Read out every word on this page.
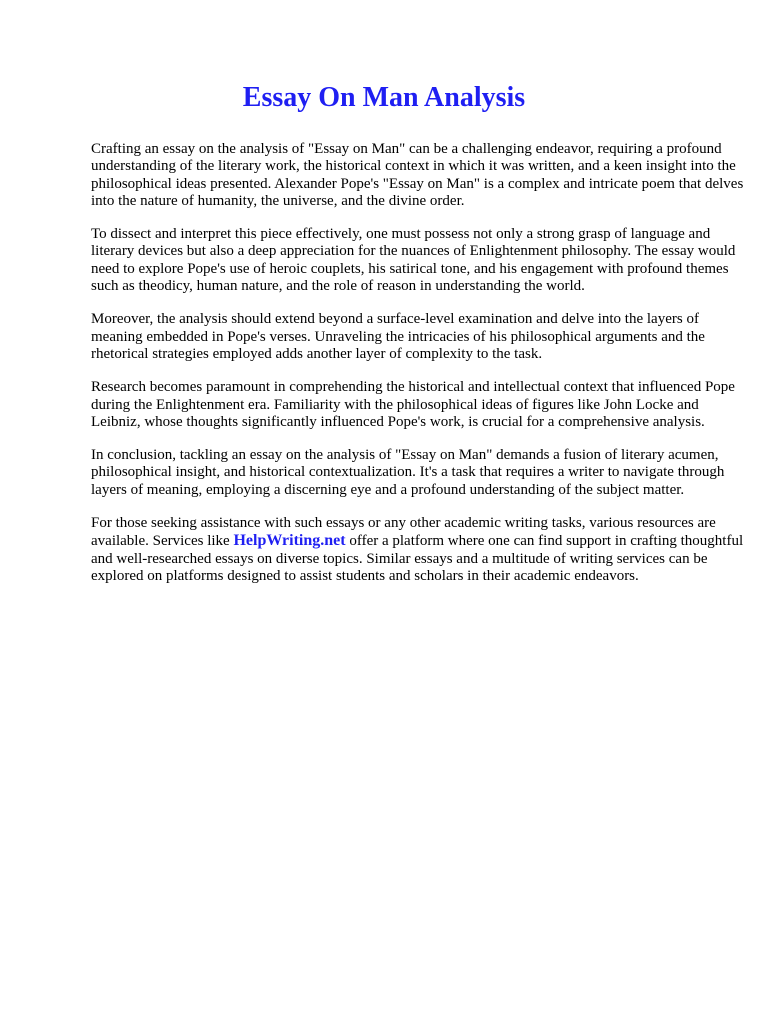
Essay On Man Analysis

Crafting an essay on the analysis of "Essay on Man" can be a challenging endeavor, requiring a profound understanding of the literary work, the historical context in which it was written, and a keen insight into the philosophical ideas presented. Alexander Pope's "Essay on Man" is a complex and intricate poem that delves into the nature of humanity, the universe, and the divine order.

To dissect and interpret this piece effectively, one must possess not only a strong grasp of language and literary devices but also a deep appreciation for the nuances of Enlightenment philosophy. The essay would need to explore Pope's use of heroic couplets, his satirical tone, and his engagement with profound themes such as theodicy, human nature, and the role of reason in understanding the world.

Moreover, the analysis should extend beyond a surface-level examination and delve into the layers of meaning embedded in Pope's verses. Unraveling the intricacies of his philosophical arguments and the rhetorical strategies employed adds another layer of complexity to the task.

Research becomes paramount in comprehending the historical and intellectual context that influenced Pope during the Enlightenment era. Familiarity with the philosophical ideas of figures like John Locke and Leibniz, whose thoughts significantly influenced Pope's work, is crucial for a comprehensive analysis.

In conclusion, tackling an essay on the analysis of "Essay on Man" demands a fusion of literary acumen, philosophical insight, and historical contextualization. It's a task that requires a writer to navigate through layers of meaning, employing a discerning eye and a profound understanding of the subject matter.

For those seeking assistance with such essays or any other academic writing tasks, various resources are available. Services like HelpWriting.net offer a platform where one can find support in crafting thoughtful and well-researched essays on diverse topics. Similar essays and a multitude of writing services can be explored on platforms designed to assist students and scholars in their academic endeavors.
